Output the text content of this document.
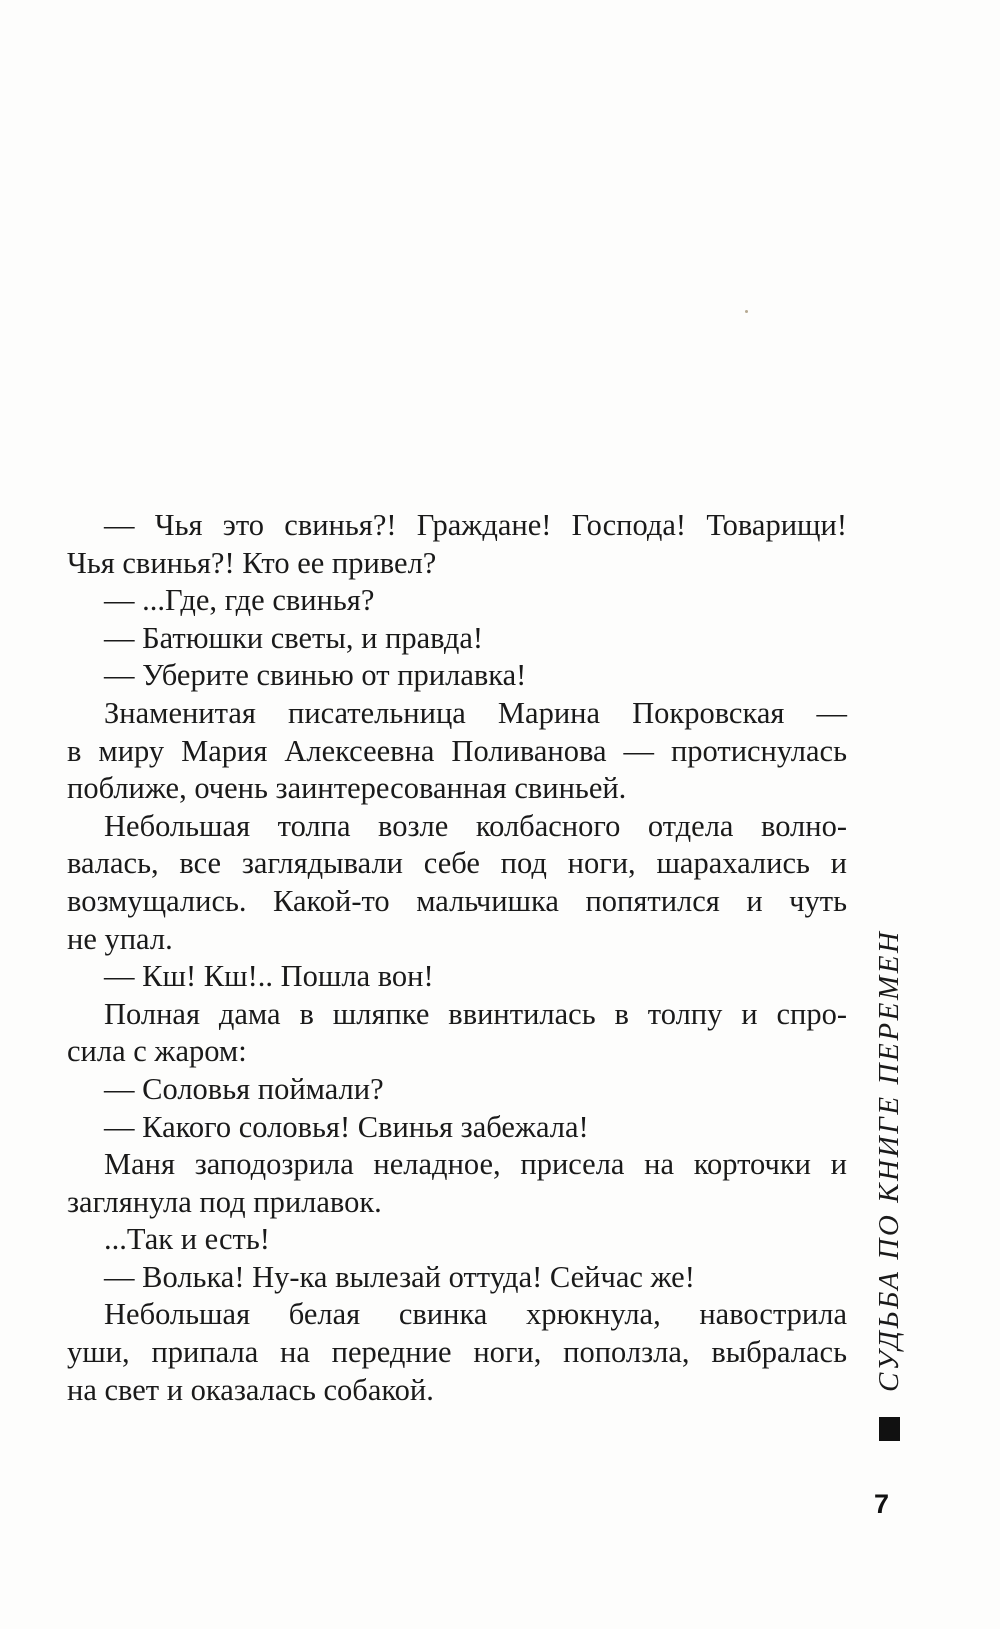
— Чья это свинья?! Граждане! Господа! Товарищи!
Чья свинья?! Кто ее привел?
— ...Где, где свинья?
— Батюшки светы, и правда!
— Уберите свинью от прилавка!
Знаменитая писательница Марина Покровская —
в миру Мария Алексеевна Поливанова — протиснулась
поближе, очень заинтересованная свиньей.
Небольшая толпа возле колбасного отдела волно-
валась, все заглядывали себе под ноги, шарахались и
возмущались. Какой-то мальчишка попятился и чуть
не упал.
— Кш! Кш!.. Пошла вон!
Полная дама в шляпке ввинтилась в толпу и спро-
сила с жаром:
— Соловья поймали?
— Какого соловья! Свинья забежала!
Маня заподозрила неладное, присела на корточки и
заглянула под прилавок.
...Так и есть!
— Волька! Ну-ка вылезай оттуда! Сейчас же!
Небольшая белая свинка хрюкнула, навострила
уши, припала на передние ноги, поползла, выбралась
на свет и оказалась собакой.	СУДЬБА ПО КНИГЕ ПЕРЕМЕН
7
